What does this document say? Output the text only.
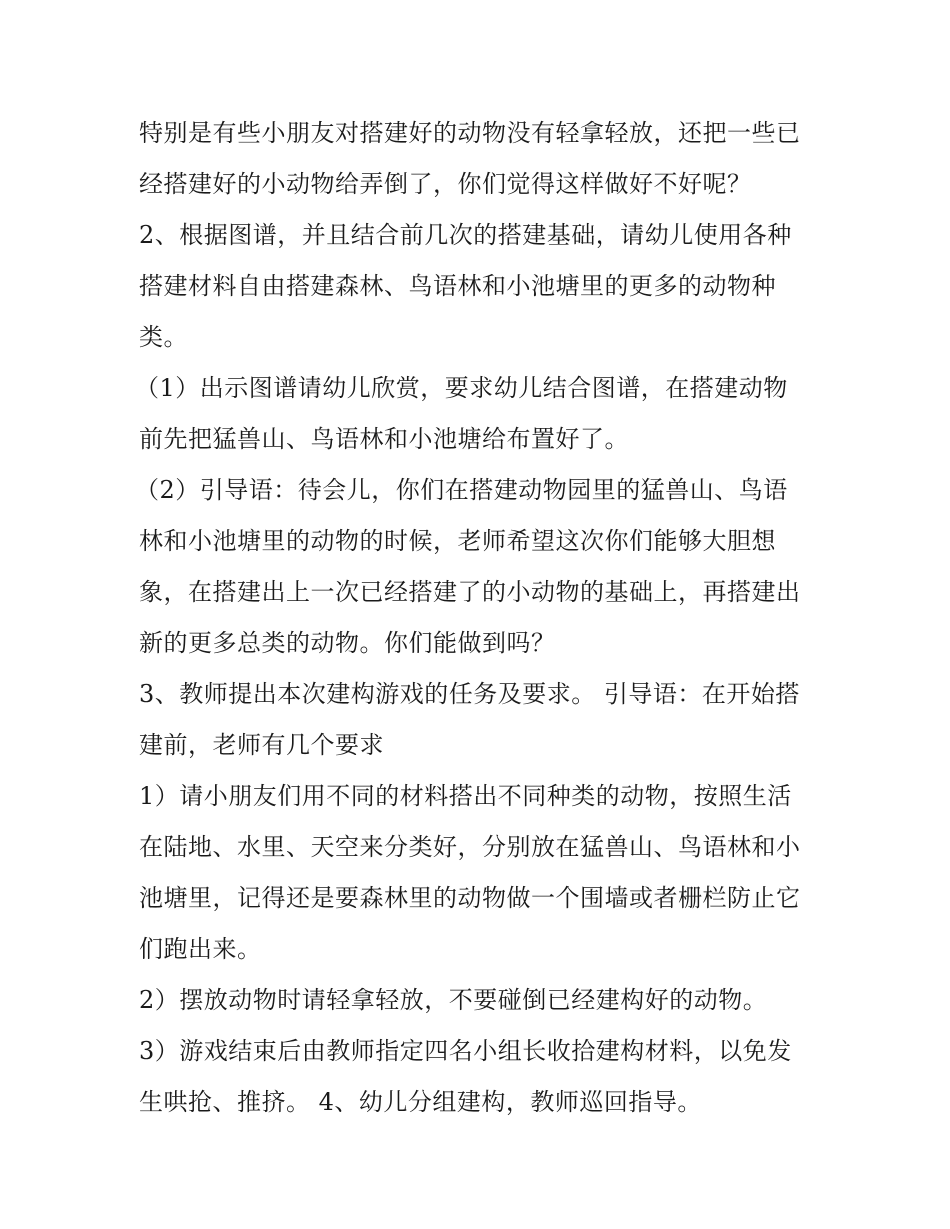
特别是有些小朋友对搭建好的动物没有轻拿轻放，还把一些已
经搭建好的小动物给弄倒了，你们觉得这样做好不好呢？
2、根据图谱，并且结合前几次的搭建基础，请幼儿使用各种
搭建材料自由搭建森林、鸟语林和小池塘里的更多的动物种
类。
（1）出示图谱请幼儿欣赏，要求幼儿结合图谱，在搭建动物
前先把猛兽山、鸟语林和小池塘给布置好了。
（2）引导语：待会儿，你们在搭建动物园里的猛兽山、鸟语
林和小池塘里的动物的时候，老师希望这次你们能够大胆想
象，在搭建出上一次已经搭建了的小动物的基础上，再搭建出
新的更多总类的动物。你们能做到吗？
3、教师提出本次建构游戏的任务及要求。 引导语：在开始搭
建前，老师有几个要求
1）请小朋友们用不同的材料搭出不同种类的动物，按照生活
在陆地、水里、天空来分类好，分别放在猛兽山、鸟语林和小
池塘里，记得还是要森林里的动物做一个围墙或者栅栏防止它
们跑出来。
2）摆放动物时请轻拿轻放，不要碰倒已经建构好的动物。
3）游戏结束后由教师指定四名小组长收拾建构材料，以免发
生哄抢、推挤。 4、幼儿分组建构，教师巡回指导。
